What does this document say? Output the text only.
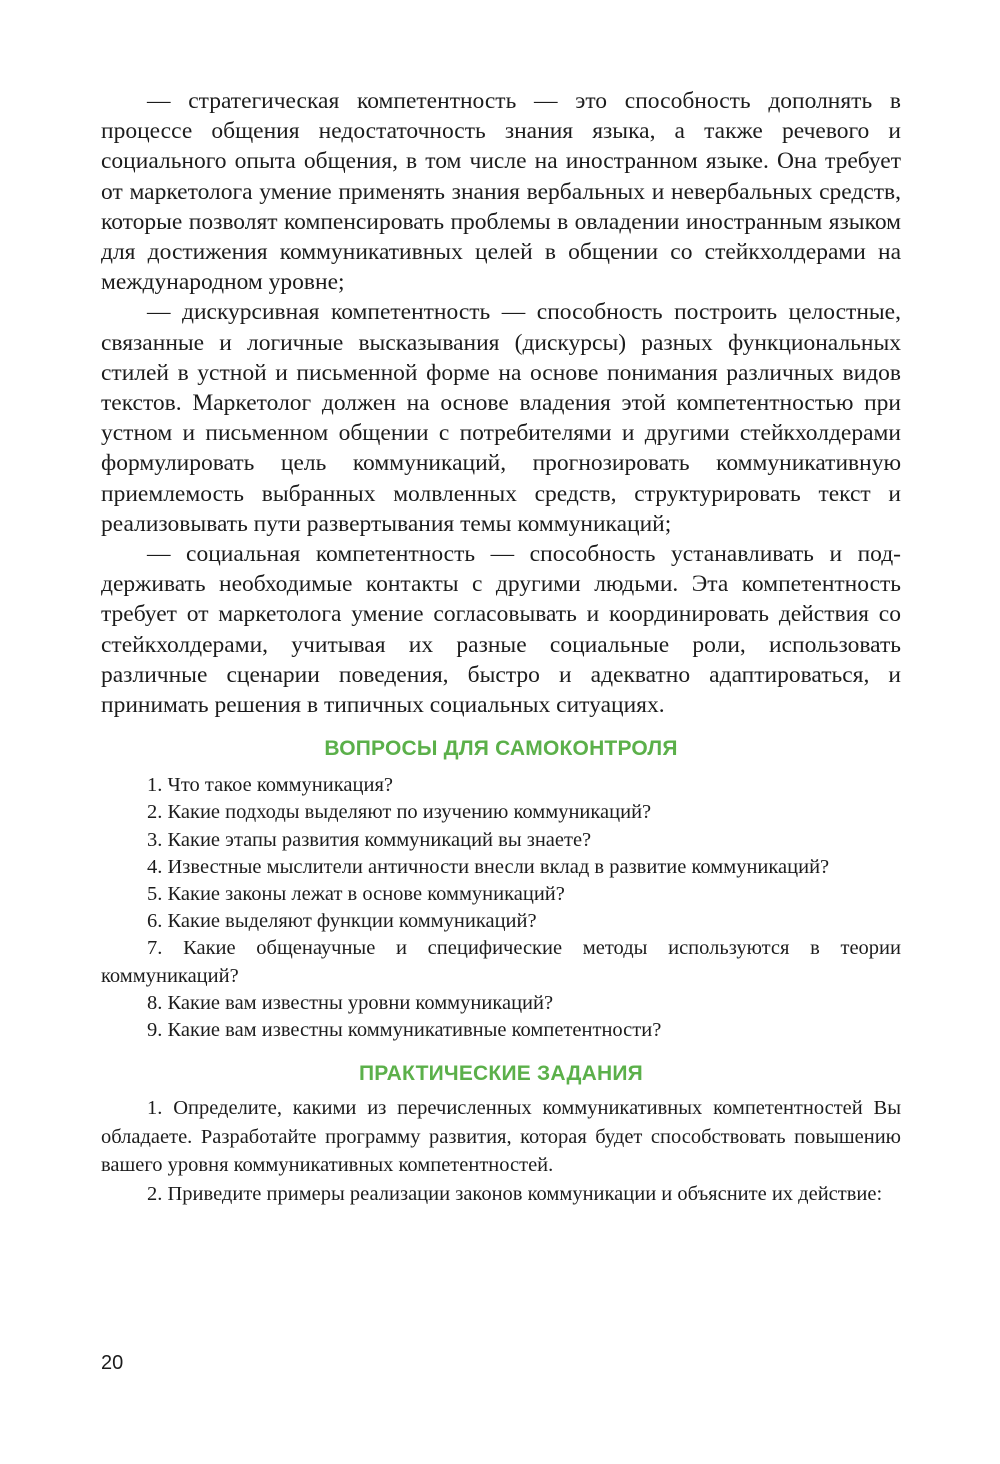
— стратегическая компетентность — это способность дополнять в процессе общения недостаточность знания языка, а также речевого и социального опыта общения, в том числе на иностранном языке. Она требует от маркетолога умение применять знания вербальных и невербальных средств, которые позволят компенсировать проблемы в овладении иностранным языком для достижения коммуникативных целей в общении со стейкхолдерами на международном уровне;

— дискурсивная компетентность — способность построить целостные, связанные и логичные высказывания (дискурсы) разных функциональных стилей в устной и письменной форме на основе понимания различных видов текстов. Маркетолог должен на основе владения этой компетентностью при устном и письменном общении с потребителями и другими стейкхолдерами формулировать цель коммуникаций, прогнозировать коммуникативную приемлемость выбранных молвленных средств, структурировать текст и реализовывать пути развертывания темы коммуникаций;

— социальная компетентность — способность устанавливать и поддерживать необходимые контакты с другими людьми. Эта компетентность требует от маркетолога умение согласовывать и координировать действия со стейкхолдерами, учитывая их разные социальные роли, использовать различные сценарии поведения, быстро и адекватно адаптироваться, и принимать решения в типичных социальных ситуациях.

ВОПРОСЫ ДЛЯ САМОКОНТРОЛЯ

1. Что такое коммуникация?

2. Какие подходы выделяют по изучению коммуникаций?

3. Какие этапы развития коммуникаций вы знаете?

4. Известные мыслители античности внесли вклад в развитие коммуникаций?

5. Какие законы лежат в основе коммуникаций?

6. Какие выделяют функции коммуникаций?

7. Какие общенаучные и специфические методы используются в теории коммуникаций?

8. Какие вам известны уровни коммуникаций?

9. Какие вам известны коммуникативные компетентности?

ПРАКТИЧЕСКИЕ ЗАДАНИЯ

1. Определите, какими из перечисленных коммуникативных компетентностей Вы обладаете. Разработайте программу развития, которая будет способствовать повышению вашего уровня коммуникативных компетентностей.

2. Приведите примеры реализации законов коммуникации и объясните их действие:

20
